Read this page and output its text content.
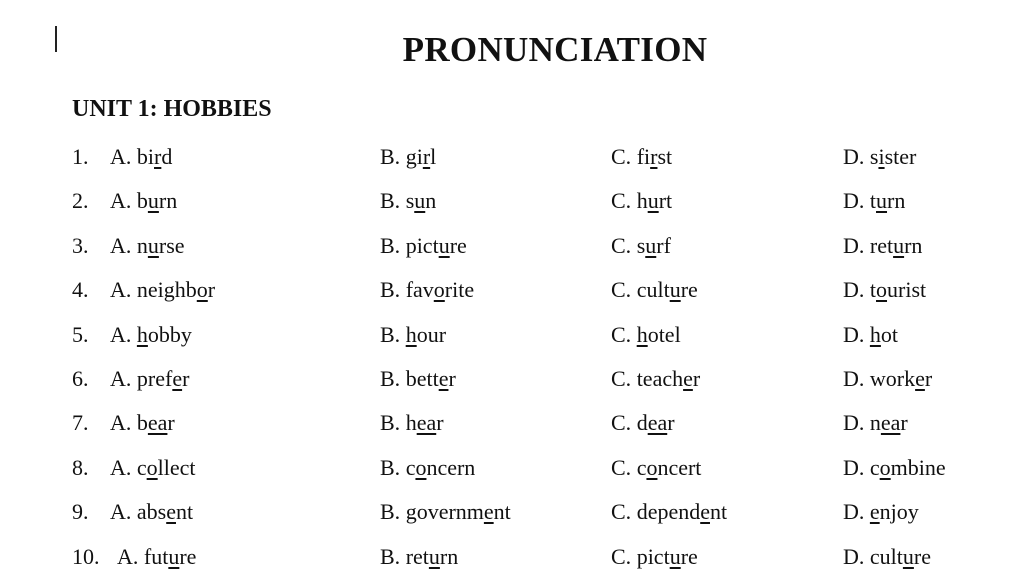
PRONUNCIATION
UNIT 1: HOBBIES
1. A. bird	B. girl	C. first	D. sister
2. A. burn	B. sun	C. hurt	D. turn
3. A. nurse	B. picture	C. surf	D. return
4. A. neighbor	B. favorite	C. culture	D. tourist
5. A. hobby	B. hour	C. hotel	D. hot
6. A. prefer	B. better	C. teacher	D. worker
7. A. bear	B. hear	C. dear	D. near
8. A. collect	B. concern	C. concert	D. combine
9. A. absent	B. government	C. dependent	D. enjoy
10. A. future	B. return	C. picture	D. culture
